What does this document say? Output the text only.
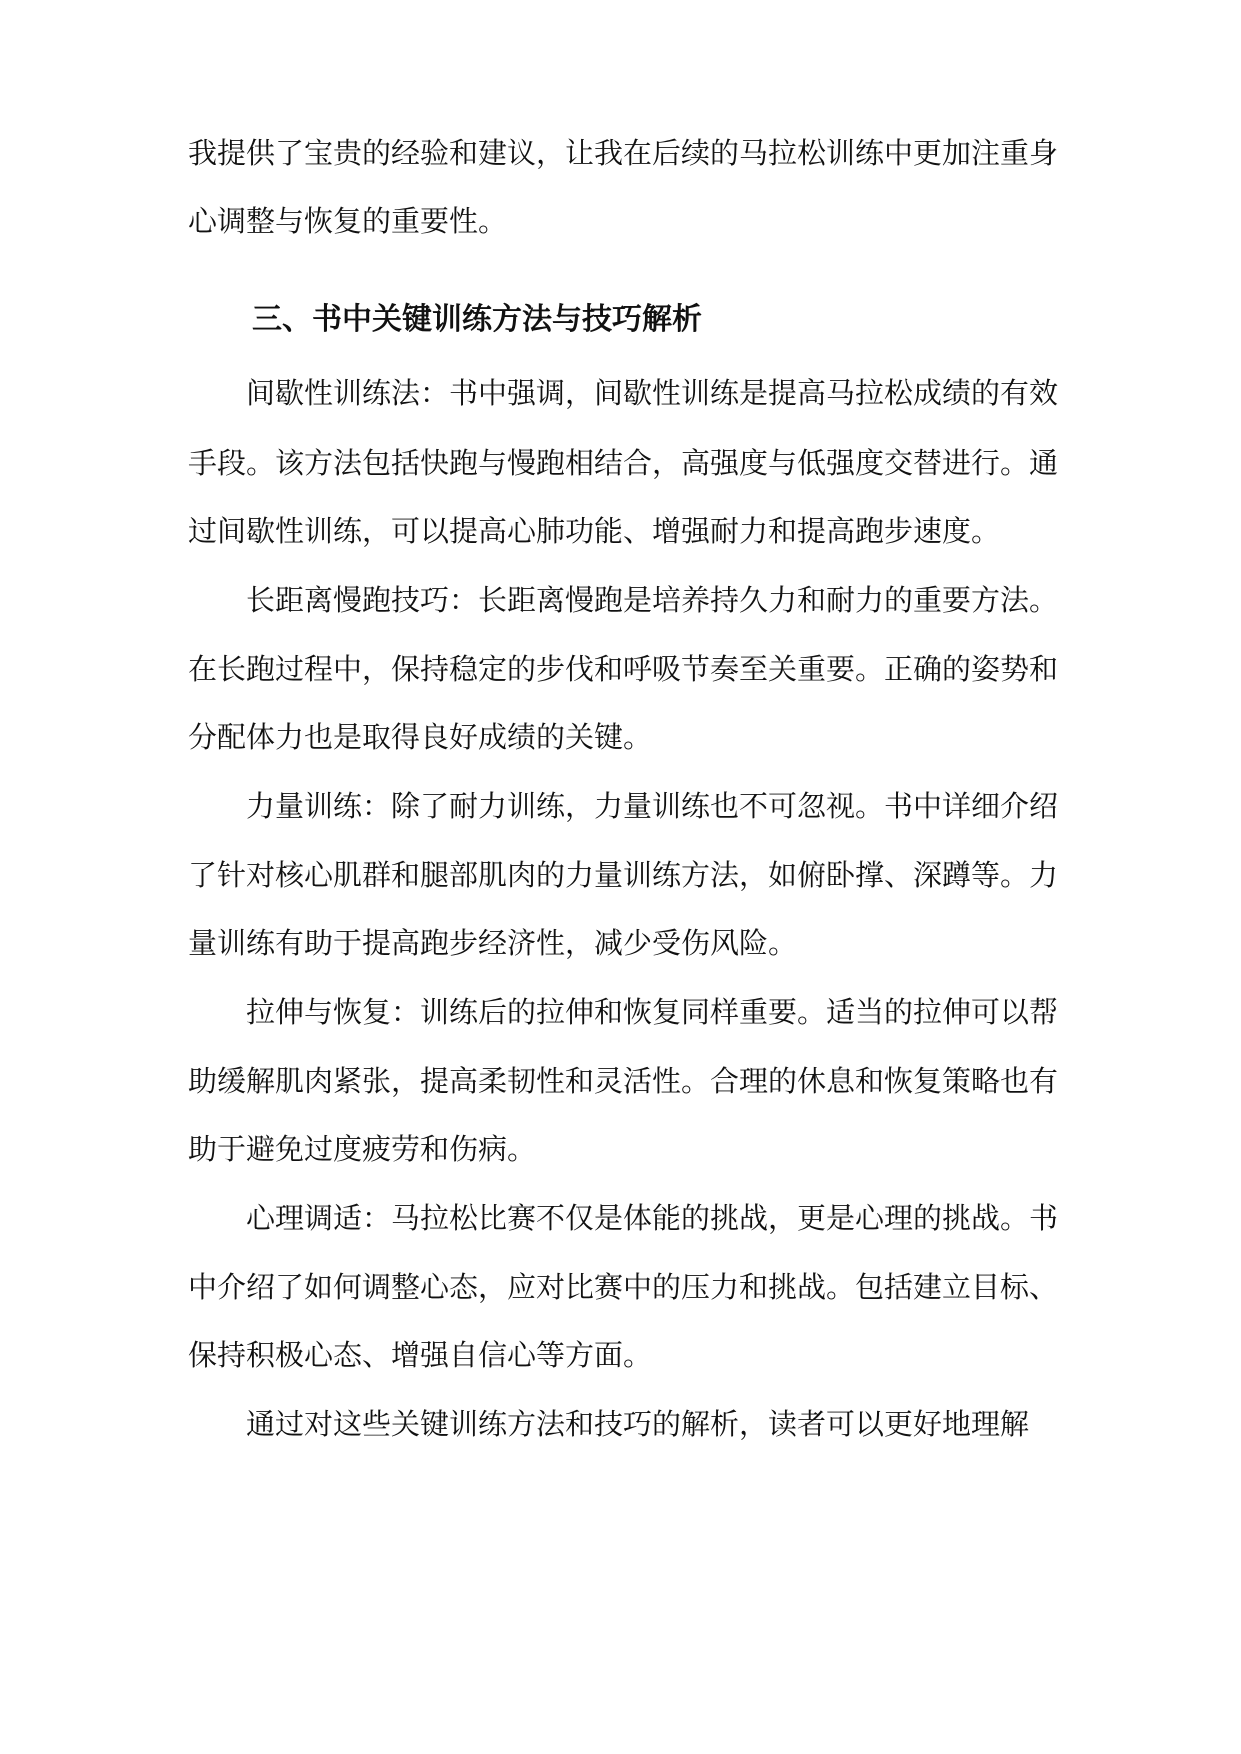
我提供了宝贵的经验和建议，让我在后续的马拉松训练中更加注重身
心调整与恢复的重要性。
三、书中关键训练方法与技巧解析
间歇性训练法：书中强调，间歇性训练是提高马拉松成绩的有效
手段。该方法包括快跑与慢跑相结合，高强度与低强度交替进行。通
过间歇性训练，可以提高心肺功能、增强耐力和提高跑步速度。
长距离慢跑技巧：长距离慢跑是培养持久力和耐力的重要方法。
在长跑过程中，保持稳定的步伐和呼吸节奏至关重要。正确的姿势和
分配体力也是取得良好成绩的关键。
力量训练：除了耐力训练，力量训练也不可忽视。书中详细介绍
了针对核心肌群和腿部肌肉的力量训练方法，如俯卧撑、深蹲等。力
量训练有助于提高跑步经济性，减少受伤风险。
拉伸与恢复：训练后的拉伸和恢复同样重要。适当的拉伸可以帮
助缓解肌肉紧张，提高柔韧性和灵活性。合理的休息和恢复策略也有
助于避免过度疲劳和伤病。
心理调适：马拉松比赛不仅是体能的挑战，更是心理的挑战。书
中介绍了如何调整心态，应对比赛中的压力和挑战。包括建立目标、
保持积极心态、增强自信心等方面。
通过对这些关键训练方法和技巧的解析，读者可以更好地理解
